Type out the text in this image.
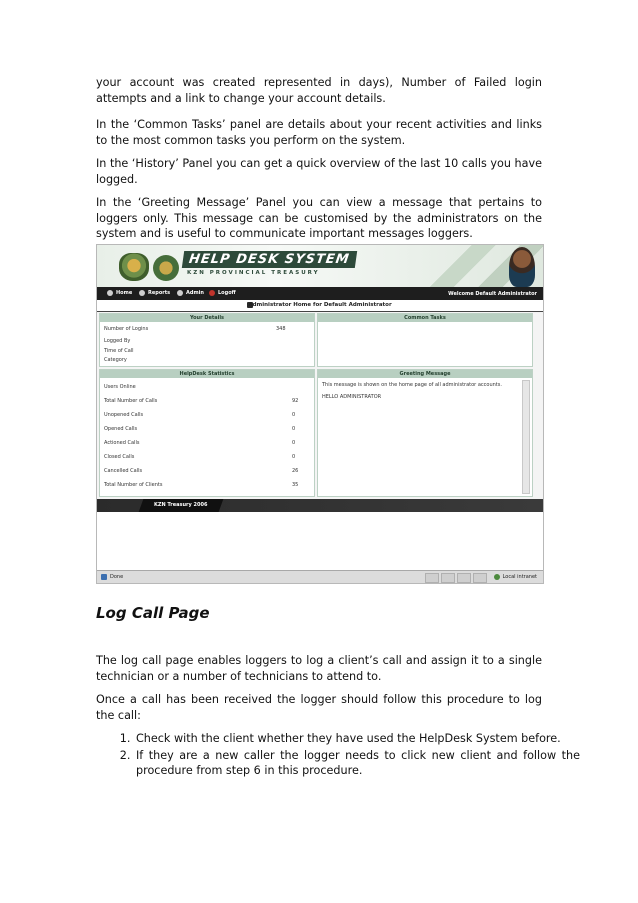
your account was created represented in days), Number of Failed login attempts and a link to change your account details.

In the ‘Common Tasks’ panel are details about your recent activities and links to the most common tasks you perform on the system.

In the ‘History’ Panel you can get a quick overview of the last 10 calls you have logged.

In the ‘Greeting Message’ Panel you can view a message that pertains to loggers only. This message can be customised by the administrators on the system and is useful to communicate important messages loggers.

HELP DESK SYSTEM
KZN PROVINCIAL TREASURY
Home	Reports	Admin	Logoff	Welcome Default Administrator
Administrator Home for Default Administrator
Your Details
Number of Logins	348
Logged By
Time of Call
Category
Common Tasks
HelpDesk Statistics
Users Online
Total Number of Calls	92
Unopened Calls	0
Opened Calls	0
Actioned Calls	0
Closed Calls	0
Cancelled Calls	26
Total Number of Clients	35
Greeting Message
This message is shown on the home page of all administrator accounts.
HELLO ADMINISTRATOR
KZN Treasury 2006
Done	Local intranet
Log Call Page

The log call page enables loggers to log a client’s call and assign it to a single technician or a number of technicians to attend to.

Once a call has been received the logger should follow this procedure to log the call:

1. Check with the client whether they have used the HelpDesk System before.
2. If they are a new caller the logger needs to click new client and follow the procedure from step 6 in this procedure.
